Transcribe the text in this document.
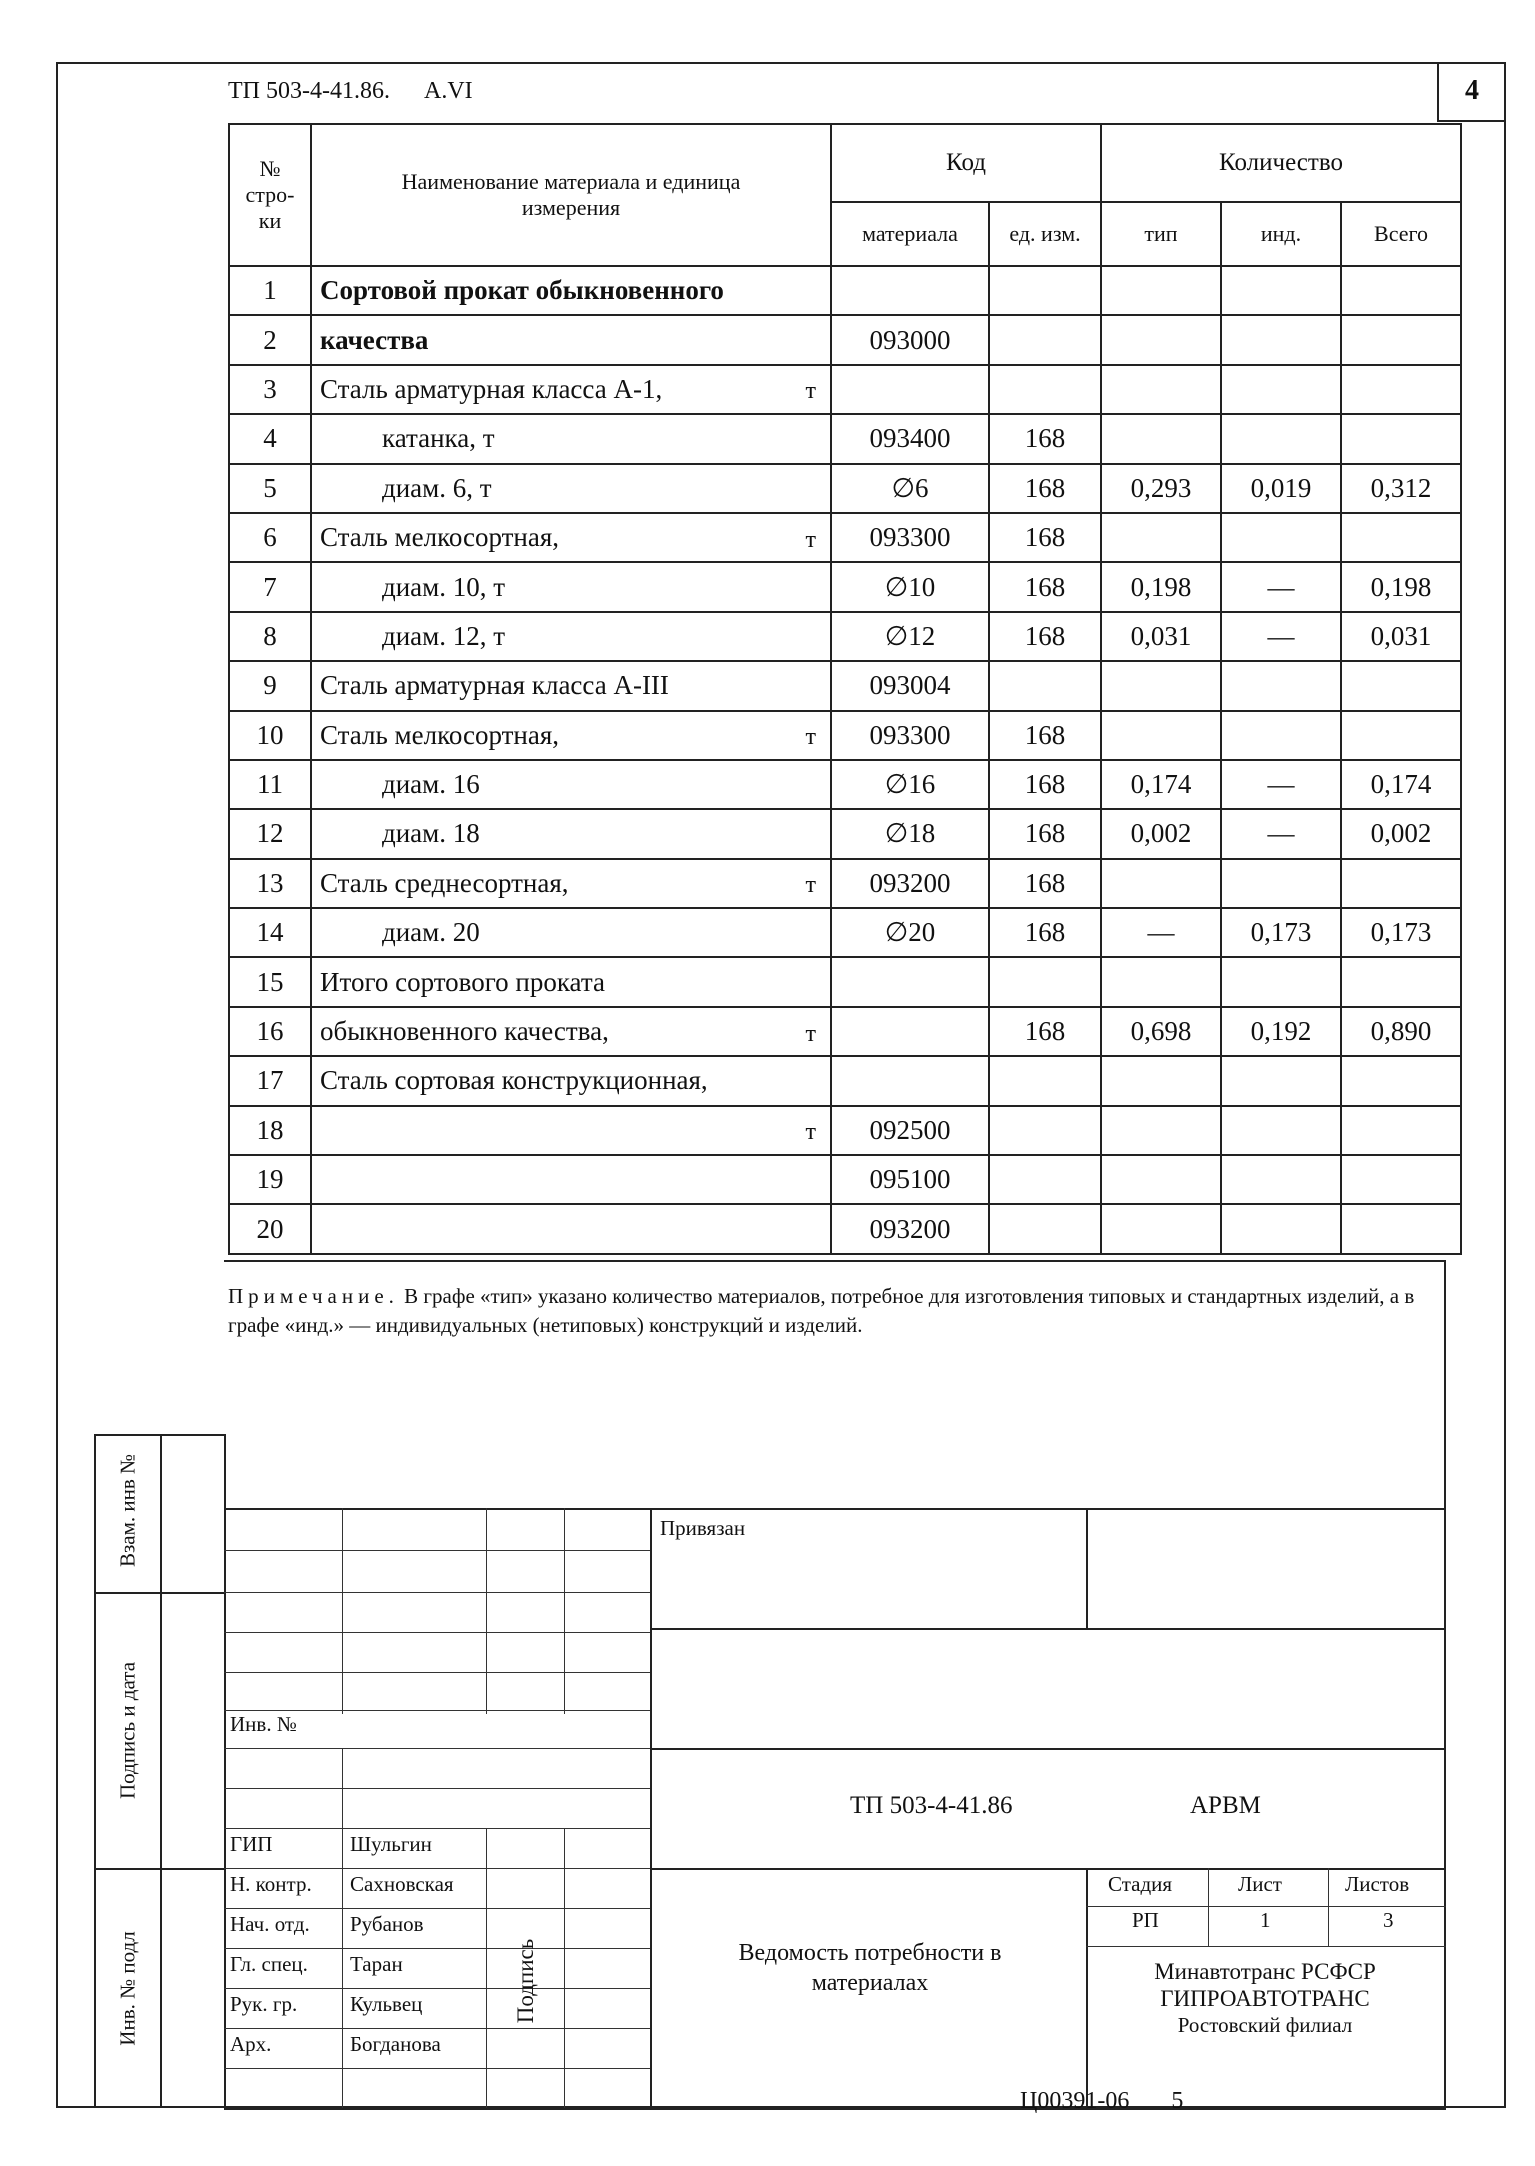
ТП 503-4-41.86. A.VI	4
№ стро- ки	Наименование материала и единица измерения	Код		Количество		
		материала	ед. изм.	тип	инд.	Всего
1	Сортовой прокат обыкновенного

2	качества	093000				
3	Сталь арматурная класса А-1, т					

4	катанка, т	093400	168			
5	диам. 6, т	∅6	168	0,293	0,019	0,312
6	Сталь мелкосортная, т	093300	168			
7	диам. 10, т	∅10	168	0,198	—	0,198
8	диам. 12, т	∅12	168	0,031	—	0,031
9	Сталь арматурная класса А-III	093004				
10	Сталь мелкосортная, т	093300	168			
11	диам. 16	∅16	168	0,174	—	0,174
12	диам. 18	∅18	168	0,002	—	0,002
13	Сталь среднесортная, т	093200	168			
14	диам. 20	∅20	168	—	0,173	0,173
15	Итого сортового проката

16	обыкновенного качества, т		168	0,698	0,192	0,890
17	Сталь сортовая конструкционная,

18	т	092500				
19		095100				
20		093200				
Примечание. В графе «тип» указано количество материалов, потребное для изготовления типовых и стандартных изделий, а в графе «инд.» — индивидуальных (нетиповых) конструкций и изделий.
Взам. инв №
Подпись и дата
Инв. № подл
ГИП	Шульгин
Н. контр. Сахновская
Нач. отд. Рубанов
Гл. спец. Таран
Рук. гр.	Кульвец
Арх.	Богданова
Привязан
Инв. №
ТП 503-4-41.86	АРВМ
Подпись	Ведомость потребности в материалах
Стадия	Лист	Листов
РП	1	3
Минавтотранс РСФСР
ГИПРОАВТОТРАНС
Ростовский филиал
Ц00391-06 5
